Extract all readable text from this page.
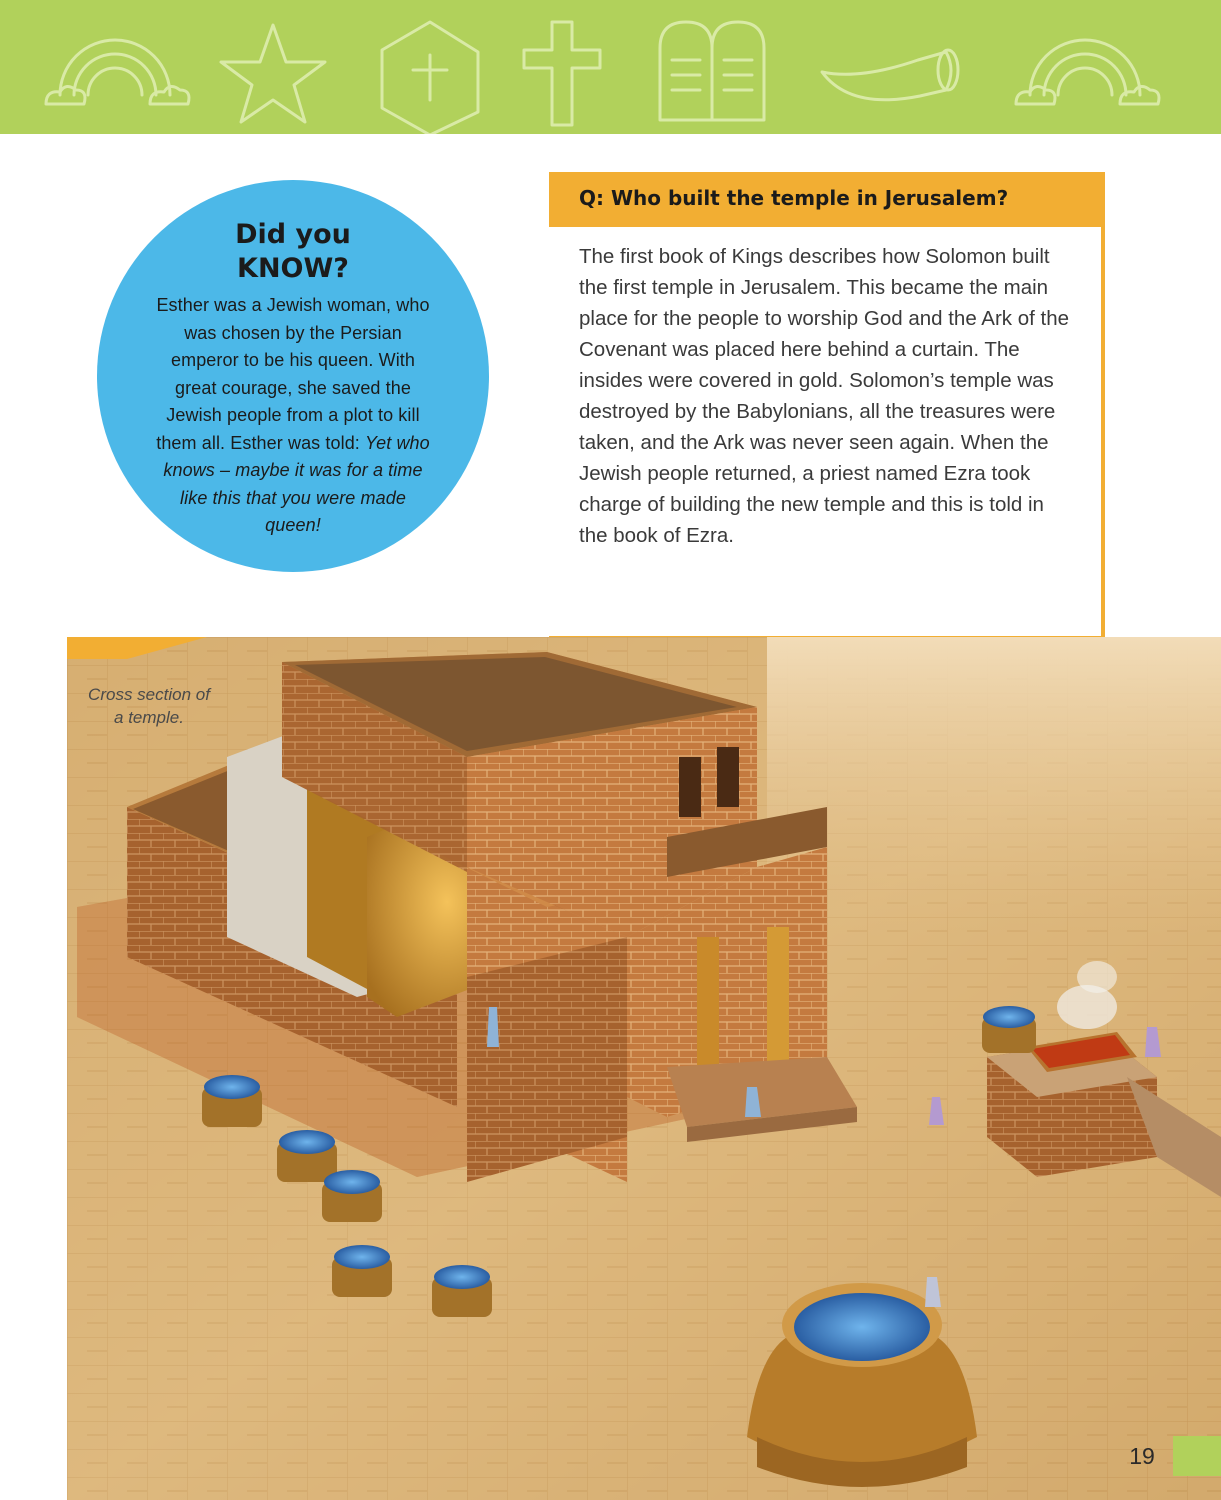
Did you KNOW?

Esther was a Jewish woman, who was chosen by the Persian emperor to be his queen. With great courage, she saved the Jewish people from a plot to kill them all. Esther was told: Yet who knows – maybe it was for a time like this that you were made queen!

Q: Who built the temple in Jerusalem?

The first book of Kings describes how Solomon built the first temple in Jerusalem. This became the main place for the people to worship God and the Ark of the Covenant was placed here behind a curtain. The insides were covered in gold. Solomon’s temple was destroyed by the Babylonians, all the treasures were taken, and the Ark was never seen again. When the Jewish people returned, a priest named Ezra took charge of building the new temple and this is told in the book of Ezra.

Cross section of a temple.
19
